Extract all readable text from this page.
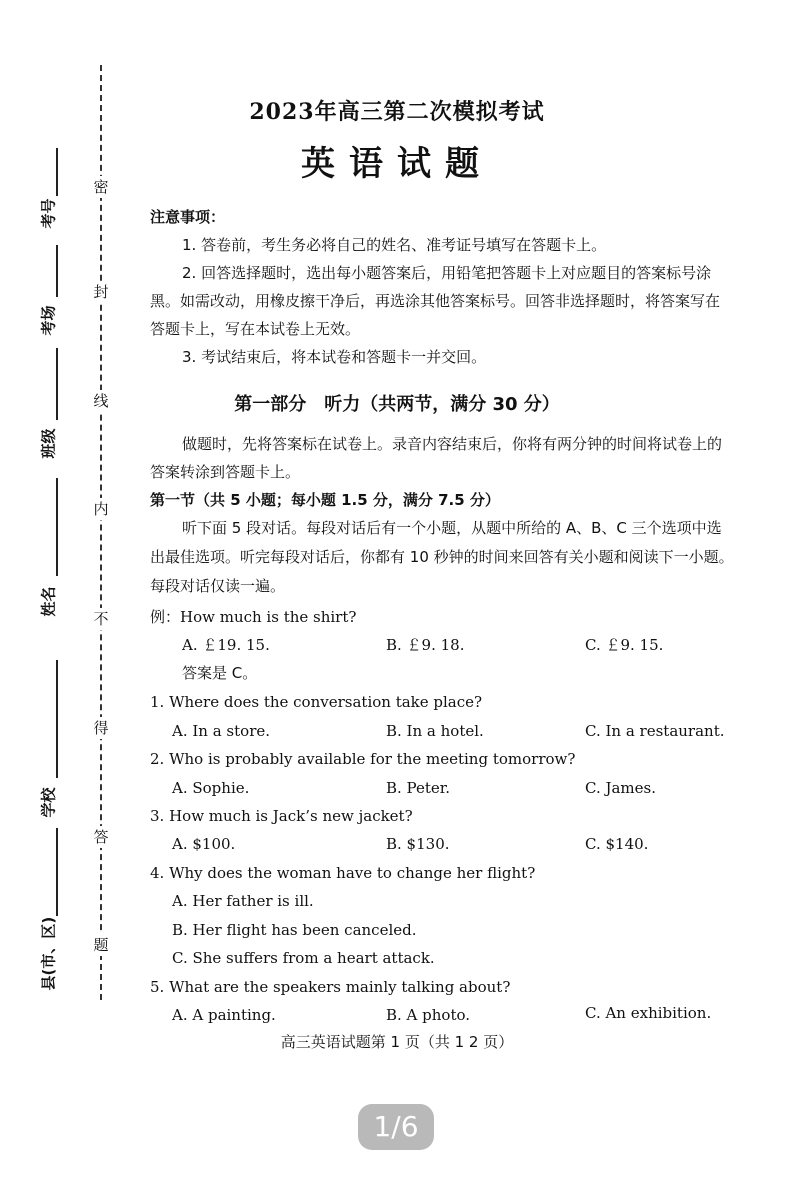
考号
考场
班级
姓名
学校
县(市、区)
密
封
线
内
不
得
答
题
2023年高三第二次模拟考试
英语试题
注意事项：
1. 答卷前，考生务必将自己的姓名、准考证号填写在答题卡上。
2. 回答选择题时，选出每小题答案后，用铅笔把答题卡上对应题目的答案标号涂
黑。如需改动，用橡皮擦干净后，再选涂其他答案标号。回答非选择题时，将答案写在
答题卡上，写在本试卷上无效。
3. 考试结束后，将本试卷和答题卡一并交回。
第一部分　听力（共两节，满分 30 分）
做题时，先将答案标在试卷上。录音内容结束后，你将有两分钟的时间将试卷上的
答案转涂到答题卡上。
第一节（共 5 小题；每小题 1.5 分，满分 7.5 分）
听下面 5 段对话。每段对话后有一个小题，从题中所给的 A、B、C 三个选项中选
出最佳选项。听完每段对话后，你都有 10 秒钟的时间来回答有关小题和阅读下一小题。
每段对话仅读一遍。
例：How much is the shirt?
A. ￡19. 15.	B. ￡9. 18.	C. ￡9. 15.
答案是 C。
1. Where does the conversation take place?
A. In a store.	B. In a hotel.	C. In a restaurant.
2. Who is probably available for the meeting tomorrow?
A. Sophie.	B. Peter.	C. James.
3. How much is Jack’s new jacket?
A. $100.	B. $130.	C. $140.
4. Why does the woman have to change her flight?
A. Her father is ill.
B. Her flight has been canceled.
C. She suffers from a heart attack.
5. What are the speakers mainly talking about?
A. A painting.	B. A photo.	C. An exhibition.
高三英语试题第 1 页（共 1 2 页）
1/6
